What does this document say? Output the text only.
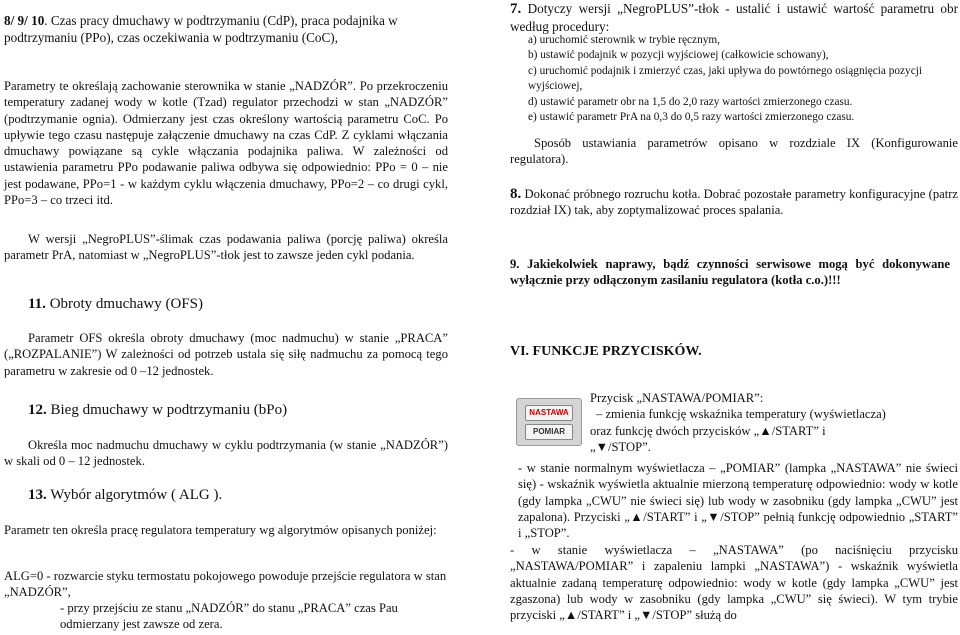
8/ 9/ 10. Czas pracy dmuchawy w podtrzymaniu (CdP), praca podajnika w podtrzymaniu (PPo), czas oczekiwania w podtrzymaniu (CoC),
Parametry te określają zachowanie sterownika w stanie „NADZÓR”. Po przekroczeniu temperatury zadanej wody w kotle (Tzad) regulator przechodzi w stan „NADZÓR” (podtrzymanie ognia). Odmierzany jest czas określony wartością parametru CoC. Po upływie tego czasu następuje załączenie dmuchawy na czas CdP. Z cyklami włączania dmuchawy powiązane są cykle włączania podajnika paliwa. W zależności od ustawienia parametru PPo podawanie paliwa odbywa się odpowiednio: PPo = 0 – nie jest podawane, PPo=1 - w każdym cyklu włączenia dmuchawy, PPo=2 – co drugi cykl, PPo=3 – co trzeci itd.
W wersji „NegroPLUS”-ślimak czas podawania paliwa (porcję paliwa) określa parametr PrA, natomiast w „NegroPLUS”-tłok jest to zawsze jeden cykl podania.
11. Obroty dmuchawy (OFS)
Parametr OFS określa obroty dmuchawy (moc nadmuchu) w stanie „PRACA” („ROZPALANIE”) W zależności od potrzeb ustala się siłę nadmuchu za pomocą tego parametru w zakresie od 0 –12 jednostek.
12. Bieg dmuchawy w podtrzymaniu (bPo)
Określa moc nadmuchu dmuchawy w cyklu podtrzymania (w stanie „NADZÓR”) w skali od 0 – 12 jednostek.
13. Wybór algorytmów ( ALG ).
Parametr ten określa pracę regulatora temperatury wg algorytmów opisanych poniżej:
ALG=0 - rozwarcie styku termostatu pokojowego powoduje przejście regulatora w stan „NADZÓR”,
- przy przejściu ze stanu „NADZÓR” do stanu „PRACA” czas Pau odmierzany jest zawsze od zera.
7. Dotyczy wersji „NegroPLUS”-tłok - ustalić i ustawić wartość parametru obr według procedury:
a) uruchomić sterownik w trybie ręcznym,
b) ustawić podajnik w pozycji wyjściowej (całkowicie schowany),
c) uruchomić podajnik i zmierzyć czas, jaki upływa do powtórnego osiągnięcia pozycji wyjściowej,
d) ustawić parametr obr na 1,5 do 2,0 razy wartości zmierzonego czasu.
e) ustawić parametr PrA na 0,3 do 0,5 razy wartości zmierzonego czasu.
Sposób ustawiania parametrów opisano w rozdziale IX (Konfigurowanie regulatora).
8. Dokonać próbnego rozruchu kotła. Dobrać pozostałe parametry konfiguracyjne (patrz rozdział IX) tak, aby zoptymalizować proces spalania.
9. Jakiekolwiek naprawy, bądź czynności serwisowe mogą być dokonywane wyłącznie przy odłączonym zasilaniu regulatora (kotła c.o.)!!!
VI. FUNKCJE PRZYCISKÓW.
Przycisk „NASTAWA/POMIAR”:
– zmienia funkcję wskaźnika temperatury (wyświetlacza)
oraz funkcję dwóch przycisków „▲/START” i
„▼/STOP”.
- w stanie normalnym wyświetlacza – „POMIAR” (lampka „NASTAWA” nie świeci się) - wskaźnik wyświetla aktualnie mierzoną temperaturę odpowiednio: wody w kotle (gdy lampka „CWU” nie świeci się) lub wody w zasobniku (gdy lampka „CWU” jest zapalona). Przyciski „▲/START” i „▼/STOP” pełnią funkcję odpowiednio „START” i „STOP”.
- w stanie wyświetlacza – „NASTAWA” (po naciśnięciu przycisku „NASTAWA/POMIAR” i zapaleniu lampki „NASTAWA”) - wskaźnik wyświetla aktualnie zadaną temperaturę odpowiednio: wody w kotle (gdy lampka „CWU” jest zgaszona) lub wody w zasobniku (gdy lampka „CWU” się świeci). W tym trybie przyciski „▲/START” i „▼/STOP” służą do
NASTAWA
POMIAR
